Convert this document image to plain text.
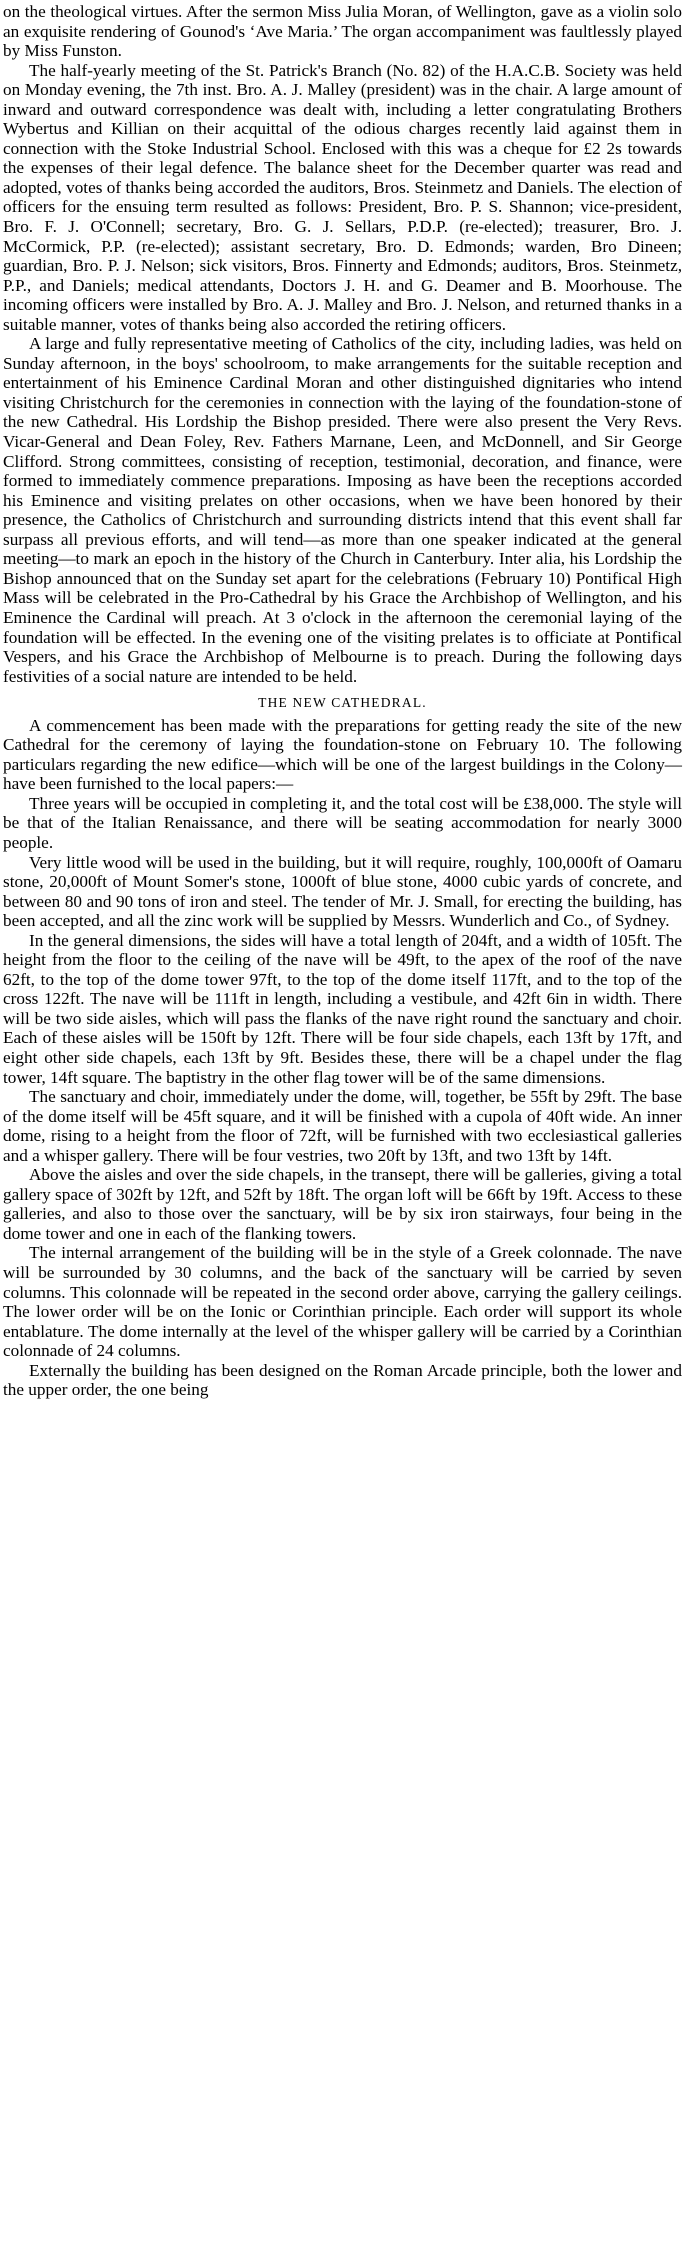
on the theological virtues. After the sermon Miss Julia Moran, of Wellington, gave as a violin solo an exquisite rendering of Gounod's ‘Ave Maria.’ The organ accompaniment was faultlessly played by Miss Funston.

The half-yearly meeting of the St. Patrick's Branch (No. 82) of the H.A.C.B. Society was held on Monday evening, the 7th inst. Bro. A. J. Malley (president) was in the chair. A large amount of inward and outward correspondence was dealt with, including a letter congratulating Brothers Wybertus and Killian on their acquittal of the odious charges recently laid against them in connection with the Stoke Industrial School. Enclosed with this was a cheque for £2 2s towards the expenses of their legal defence. The balance sheet for the December quarter was read and adopted, votes of thanks being accorded the auditors, Bros. Steinmetz and Daniels. The election of officers for the ensuing term resulted as follows: President, Bro. P. S. Shannon; vice-president, Bro. F. J. O'Connell; secretary, Bro. G. J. Sellars, P.D.P. (re-elected); treasurer, Bro. J. McCormick, P.P. (re-elected); assistant secretary, Bro. D. Edmonds; warden, Bro Dineen; guardian, Bro. P. J. Nelson; sick visitors, Bros. Finnerty and Edmonds; auditors, Bros. Steinmetz, P.P., and Daniels; medical attendants, Doctors J. H. and G. Deamer and B. Moorhouse. The incoming officers were installed by Bro. A. J. Malley and Bro. J. Nelson, and returned thanks in a suitable manner, votes of thanks being also accorded the retiring officers.

A large and fully representative meeting of Catholics of the city, including ladies, was held on Sunday afternoon, in the boys' schoolroom, to make arrangements for the suitable reception and entertainment of his Eminence Cardinal Moran and other distinguished dignitaries who intend visiting Christchurch for the ceremonies in connection with the laying of the foundation-stone of the new Cathedral. His Lordship the Bishop presided. There were also present the Very Revs. Vicar-General and Dean Foley, Rev. Fathers Marnane, Leen, and McDonnell, and Sir George Clifford. Strong committees, consisting of reception, testimonial, decoration, and finance, were formed to immediately commence preparations. Imposing as have been the receptions accorded his Eminence and visiting prelates on other occasions, when we have been honored by their presence, the Catholics of Christchurch and surrounding districts intend that this event shall far surpass all previous efforts, and will tend—as more than one speaker indicated at the general meeting—to mark an epoch in the history of the Church in Canterbury. Inter alia, his Lordship the Bishop announced that on the Sunday set apart for the celebrations (February 10) Pontifical High Mass will be celebrated in the Pro-Cathedral by his Grace the Archbishop of Wellington, and his Eminence the Cardinal will preach. At 3 o'clock in the afternoon the ceremonial laying of the foundation will be effected. In the evening one of the visiting prelates is to officiate at Pontifical Vespers, and his Grace the Archbishop of Melbourne is to preach. During the following days festivities of a social nature are intended to be held.

THE NEW CATHEDRAL.

A commencement has been made with the preparations for getting ready the site of the new Cathedral for the ceremony of laying the foundation-stone on February 10. The following particulars regarding the new edifice—which will be one of the largest buildings in the Colony—have been furnished to the local papers:—

Three years will be occupied in completing it, and the total cost will be £38,000. The style will be that of the Italian Renaissance, and there will be seating accommodation for nearly 3000 people.

Very little wood will be used in the building, but it will require, roughly, 100,000ft of Oamaru stone, 20,000ft of Mount Somer's stone, 1000ft of blue stone, 4000 cubic yards of concrete, and between 80 and 90 tons of iron and steel. The tender of Mr. J. Small, for erecting the building, has been accepted, and all the zinc work will be supplied by Messrs. Wunderlich and Co., of Sydney.

In the general dimensions, the sides will have a total length of 204ft, and a width of 105ft. The height from the floor to the ceiling of the nave will be 49ft, to the apex of the roof of the nave 62ft, to the top of the dome tower 97ft, to the top of the dome itself 117ft, and to the top of the cross 122ft. The nave will be 111ft in length, including a vestibule, and 42ft 6in in width. There will be two side aisles, which will pass the flanks of the nave right round the sanctuary and choir. Each of these aisles will be 150ft by 12ft. There will be four side chapels, each 13ft by 17ft, and eight other side chapels, each 13ft by 9ft. Besides these, there will be a chapel under the flag tower, 14ft square. The baptistry in the other flag tower will be of the same dimensions.

The sanctuary and choir, immediately under the dome, will, together, be 55ft by 29ft. The base of the dome itself will be 45ft square, and it will be finished with a cupola of 40ft wide. An inner dome, rising to a height from the floor of 72ft, will be furnished with two ecclesiastical galleries and a whisper gallery. There will be four vestries, two 20ft by 13ft, and two 13ft by 14ft.

Above the aisles and over the side chapels, in the transept, there will be galleries, giving a total gallery space of 302ft by 12ft, and 52ft by 18ft. The organ loft will be 66ft by 19ft. Access to these galleries, and also to those over the sanctuary, will be by six iron stairways, four being in the dome tower and one in each of the flanking towers.

The internal arrangement of the building will be in the style of a Greek colonnade. The nave will be surrounded by 30 columns, and the back of the sanctuary will be carried by seven columns. This colonnade will be repeated in the second order above, carrying the gallery ceilings. The lower order will be on the Ionic or Corinthian principle. Each order will support its whole entablature. The dome internally at the level of the whisper gallery will be carried by a Corinthian colonnade of 24 columns.

Externally the building has been designed on the Roman Arcade principle, both the lower and the upper order, the one being
